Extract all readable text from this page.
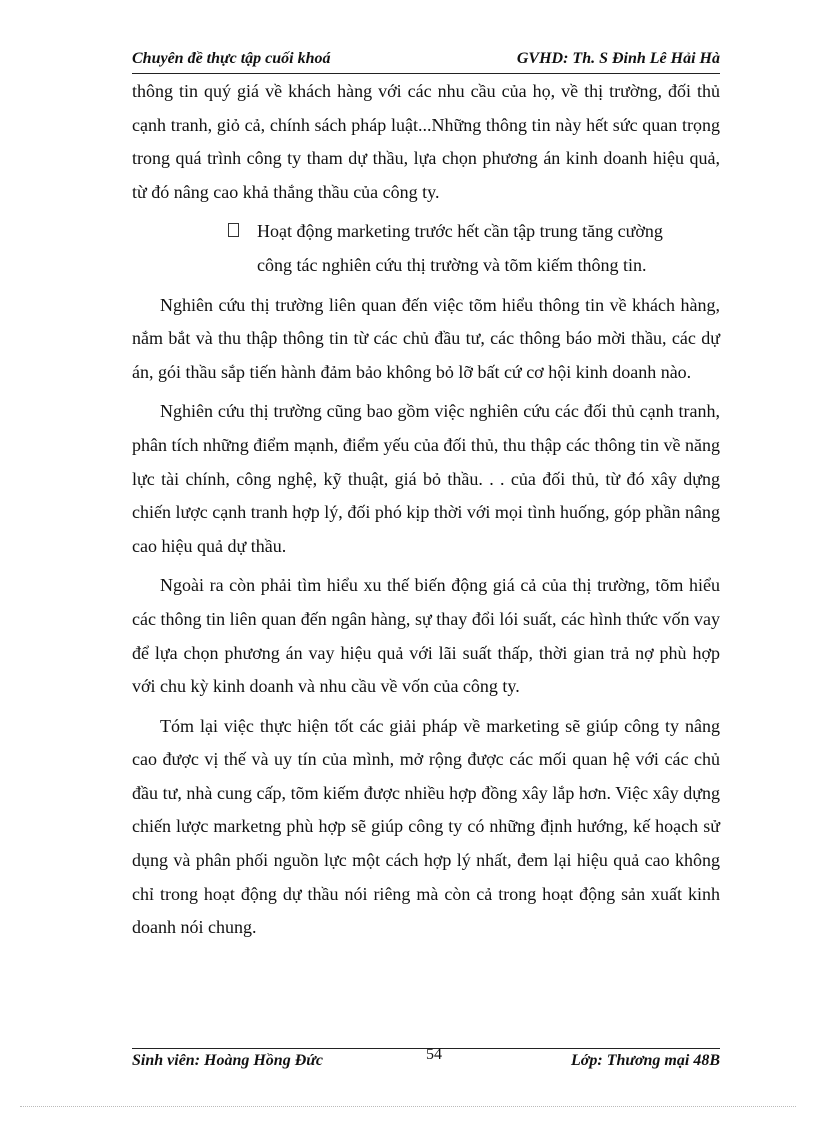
Chuyên đề thực tập cuối khoá	GVHD: Th. S Đinh Lê Hải Hà

thông tin quý giá về khách hàng với các nhu cầu của họ, về thị trường, đối thủ cạnh tranh, giỏ cả, chính sách pháp luật...Những thông tin này hết sức quan trọng trong quá trình công ty tham dự thầu, lựa chọn phương án kinh doanh hiệu quả, từ đó nâng cao khả thắng thầu của công ty.

Hoạt động marketing trước hết cần tập trung tăng cường
công tác nghiên cứu thị trường và tõm kiếm thông tin.

Nghiên cứu thị trường liên quan đến việc tõm hiểu thông tin về khách hàng, nắm bắt và thu thập thông tin từ các chủ đầu tư, các thông báo mời thầu, các dự án, gói thầu sắp tiến hành đảm bảo không bỏ lỡ bất cứ cơ hội kinh doanh nào.

Nghiên cứu thị trường cũng bao gồm việc nghiên cứu các đối thủ cạnh tranh, phân tích những điểm mạnh, điểm yếu của đối thủ, thu thập các thông tin về năng lực tài chính, công nghệ, kỹ thuật, giá bỏ thầu. . . của đối thủ, từ đó xây dựng chiến lược cạnh tranh hợp lý, đối phó kịp thời với mọi tình huống, góp phần nâng cao hiệu quả dự thầu.

Ngoài ra còn phải tìm hiểu xu thế biến động giá cả của thị trường, tõm hiểu các thông tin liên quan đến ngân hàng, sự thay đổi lói suất, các hình thức vốn vay để lựa chọn phương án vay hiệu quả với lãi suất thấp, thời gian trả nợ phù hợp với chu kỳ kinh doanh và nhu cầu về vốn của công ty.

Tóm lại việc thực hiện tốt các giải pháp về marketing sẽ giúp công ty nâng cao được vị thế và uy tín của mình, mở rộng được các mối quan hệ với các chủ đầu tư, nhà cung cấp, tõm kiếm được nhiều hợp đồng xây lắp hơn. Việc xây dựng chiến lược marketng phù hợp sẽ giúp công ty có những định hướng, kế hoạch sử dụng và phân phối nguồn lực một cách hợp lý nhất, đem lại hiệu quả cao không chỉ trong hoạt động dự thầu nói riêng mà còn cả trong hoạt động sản xuất kinh doanh nói chung.

Sinh viên: Hoàng Hồng Đức	54	Lớp: Thương mại 48B
